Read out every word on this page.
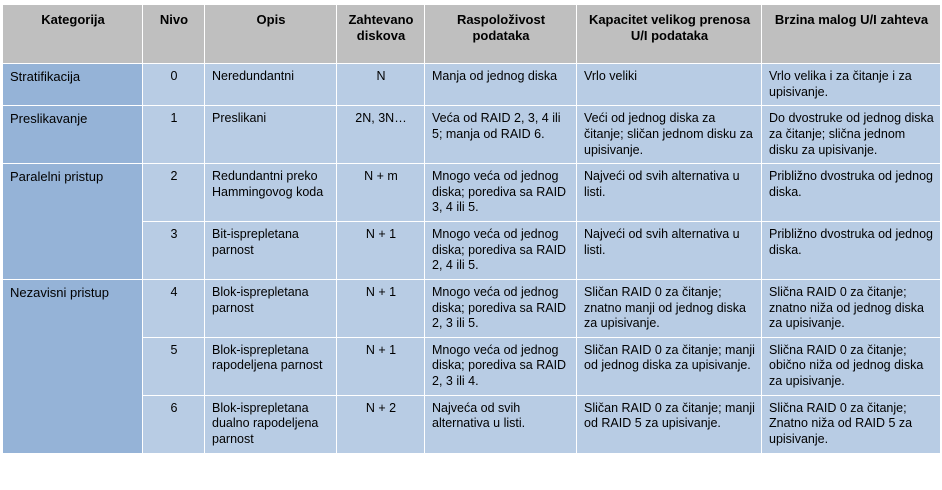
Kategorija	Nivo	Opis	Zahtevano diskova	Raspoloživost podataka	Kapacitet velikog prenosa U/I podataka	Brzina malog U/I zahteva
Stratifikacija	0	Neredundantni	N	Manja od jednog diska	Vrlo veliki	Vrlo velika i za čitanje i za upisivanje.
Preslikavanje	1	Preslikani	2N, 3N…	Veća od RAID 2, 3, 4 ili 5; manja od RAID 6.	Veći od jednog diska za čitanje; sličan jednom disku za upisivanje.	Do dvostruke od jednog diska za čitanje; slična jednom disku za upisivanje.
Paralelni pristup	2	Redundantni preko Hammingovog koda	N + m	Mnogo veća od jednog diska; porediva sa RAID 3, 4 ili 5.	Najveći od svih alternativa u listi.	Približno dvostruka od jednog diska.
	3	Bit-isprepletana parnost	N + 1	Mnogo veća od jednog diska; porediva sa RAID 2, 4 ili 5.	Najveći od svih alternativa u listi.	Približno dvostruka od jednog diska.
Nezavisni pristup	4	Blok-isprepletana parnost	N + 1	Mnogo veća od jednog diska; porediva sa RAID 2, 3 ili 5.	Sličan RAID 0 za čitanje; znatno manji od jednog diska za upisivanje.	Slična RAID 0 za čitanje; znatno niža od jednog diska za upisivanje.
	5	Blok-isprepletana rapodeljena parnost	N + 1	Mnogo veća od jednog diska; porediva sa RAID 2, 3 ili 4.	Sličan RAID 0 za čitanje; manji od jednog diska za upisivanje.	Slična RAID 0 za čitanje; obično niža od jednog diska za upisivanje.
	6	Blok-isprepletana dualno rapodeljena parnost	N + 2	Najveća od svih alternativa u listi.	Sličan RAID 0 za čitanje; manji od RAID 5 za upisivanje.	Slična RAID 0 za čitanje; Znatno niža od RAID 5 za upisivanje.
